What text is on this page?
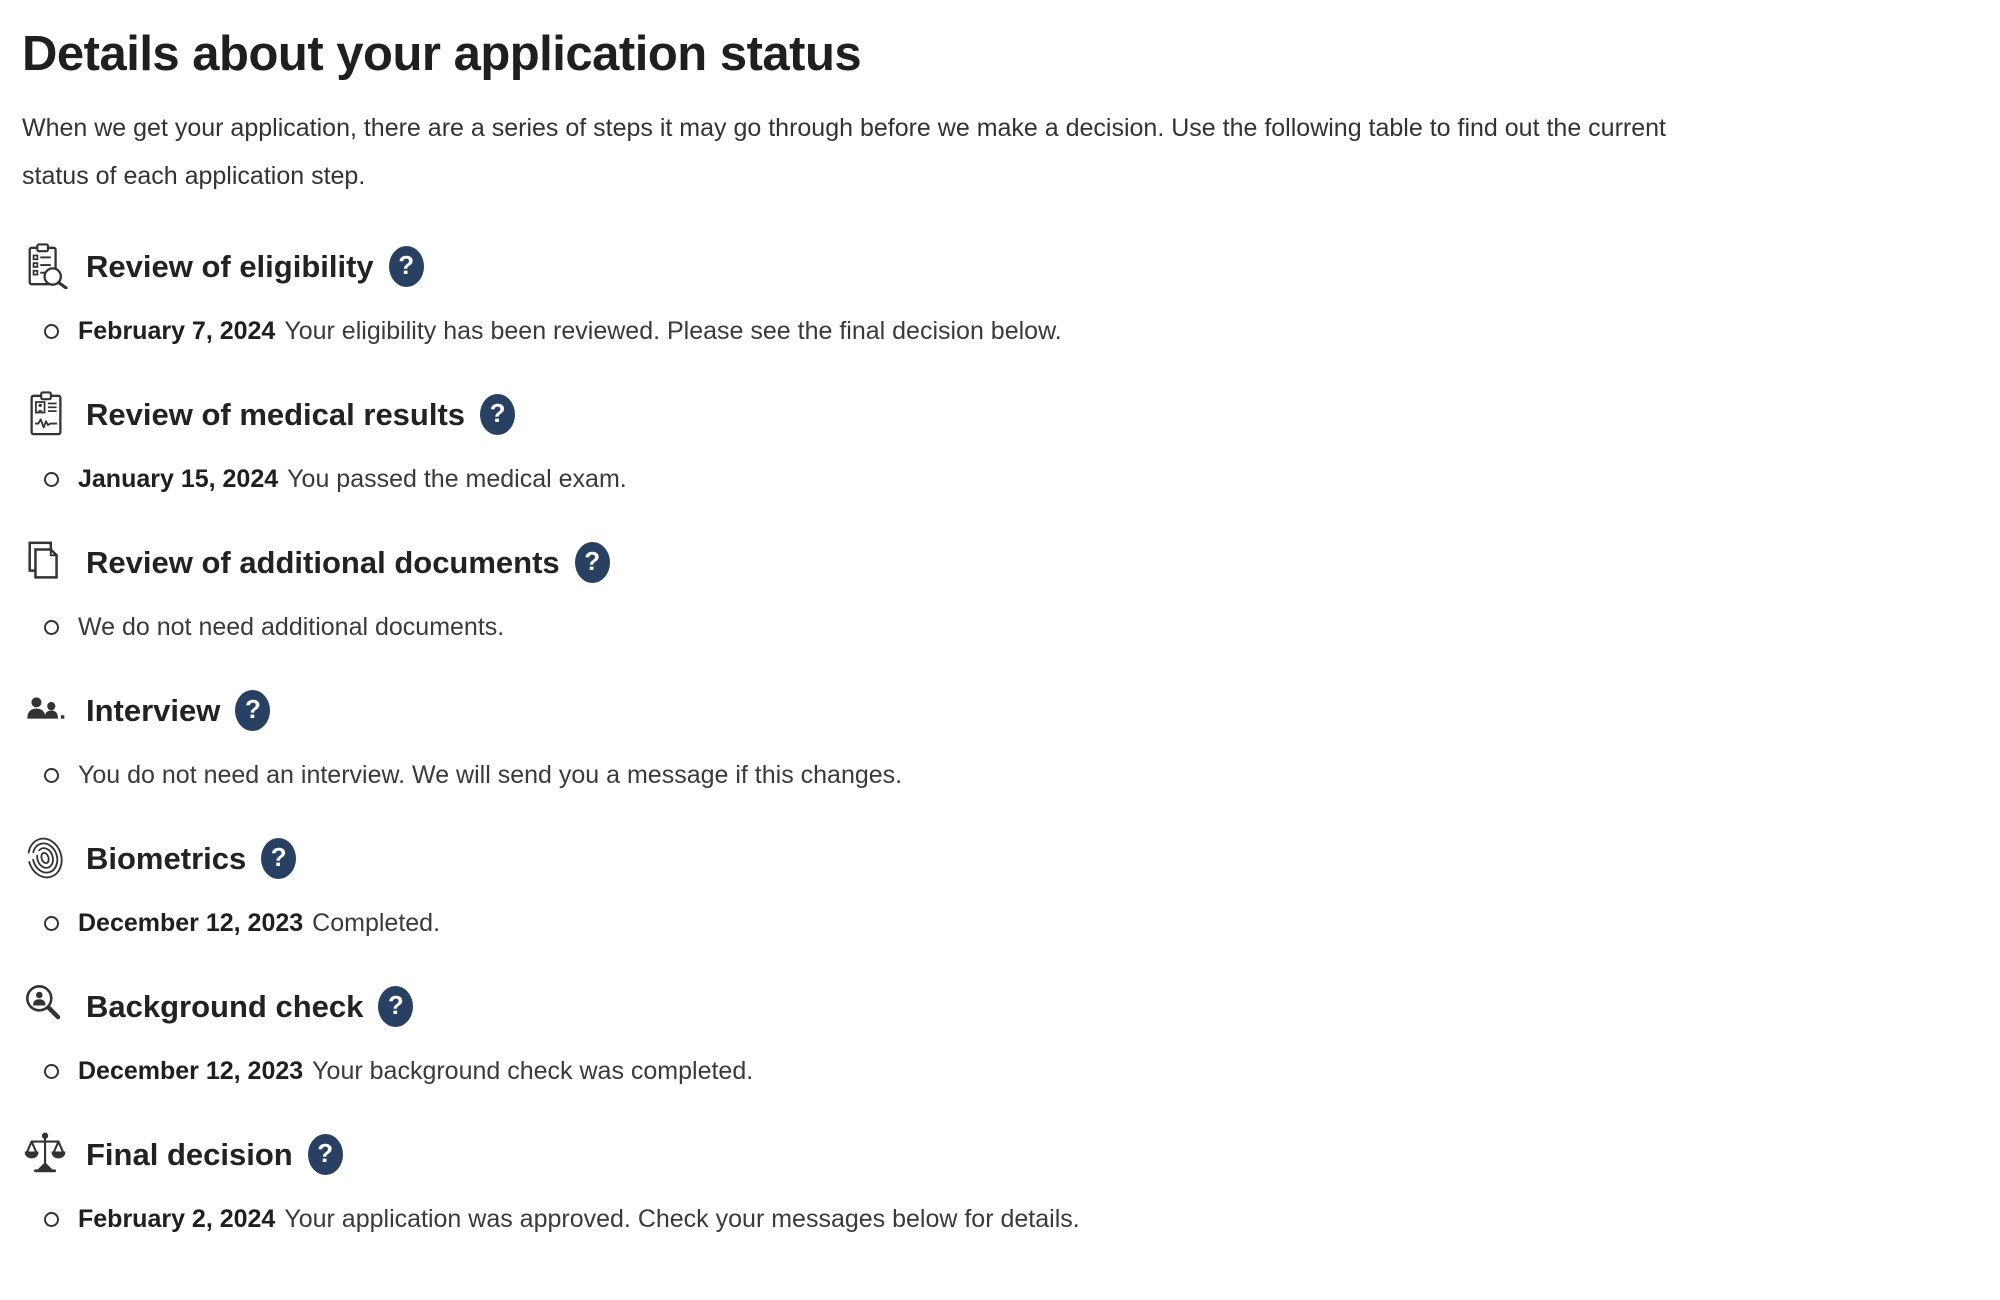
Details about your application status

When we get your application, there are a series of steps it may go through before we make a decision. Use the following table to find out the current status of each application step.

Review of eligibility ?
February 7, 2024 Your eligibility has been reviewed. Please see the final decision below.
Review of medical results ?
January 15, 2024 You passed the medical exam.
Review of additional documents ?
We do not need additional documents.
Interview ?
You do not need an interview. We will send you a message if this changes.
Biometrics ?
December 12, 2023 Completed.
Background check ?
December 12, 2023 Your background check was completed.
Final decision ?
February 2, 2024 Your application was approved. Check your messages below for details.
